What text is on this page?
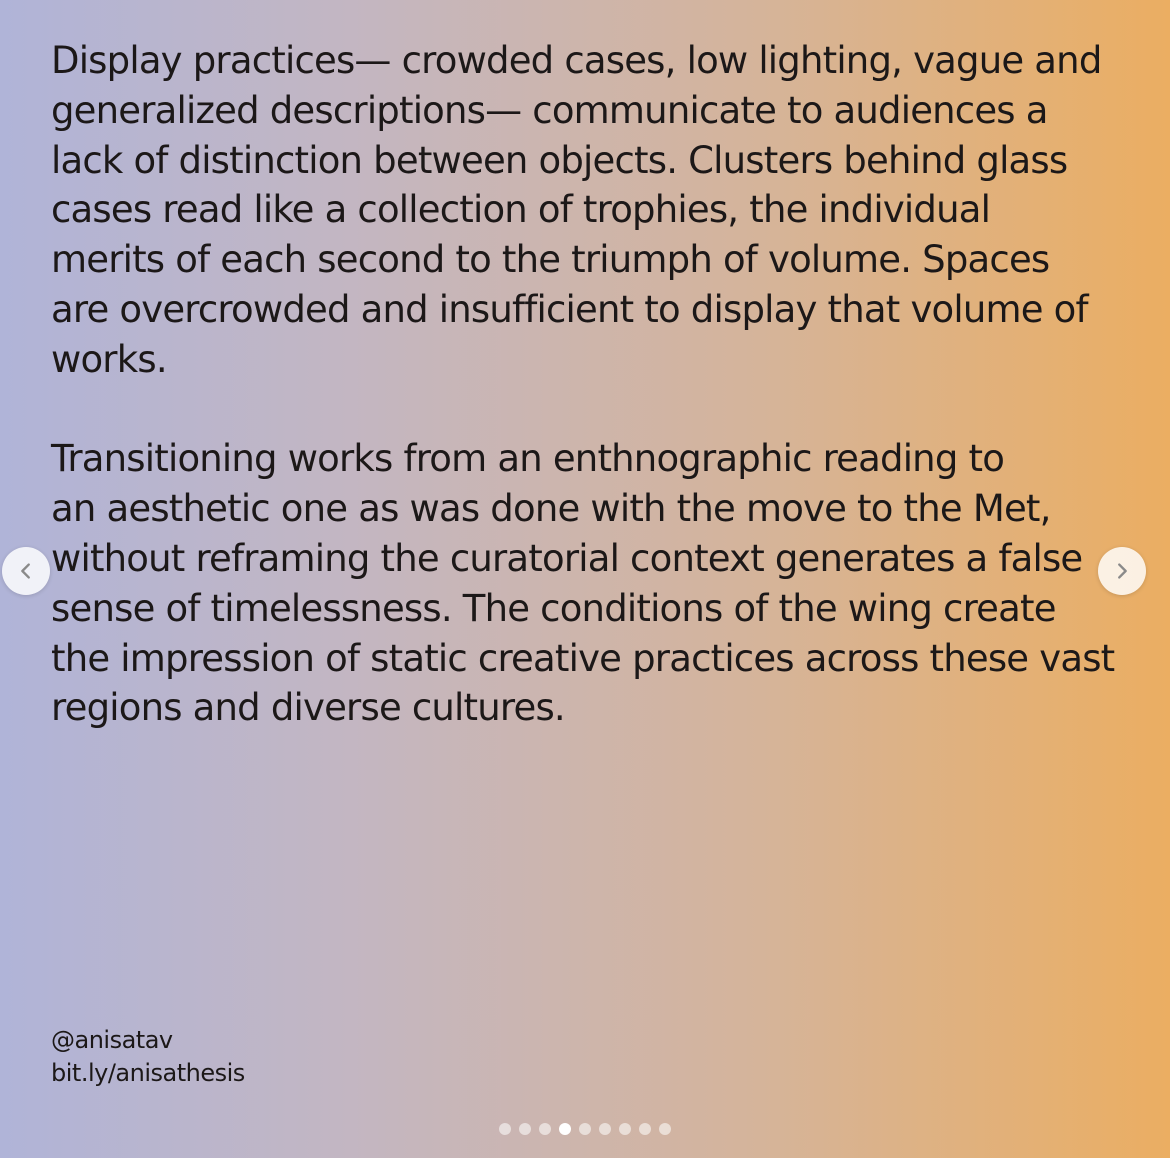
Display practices— crowded cases, low lighting, vague and
generalized descriptions— communicate to audiences a
lack of distinction between objects. Clusters behind glass
cases read like a collection of trophies, the individual
merits of each second to the triumph of volume. Spaces
are overcrowded and insufficient to display that volume of
works.

Transitioning works from an enthnographic reading to
an aesthetic one as was done with the move to the Met,
without reframing the curatorial context generates a false
sense of timelessness. The conditions of the wing create
the impression of static creative practices across these vast
regions and diverse cultures.

@anisatav
bit.ly/anisathesis
